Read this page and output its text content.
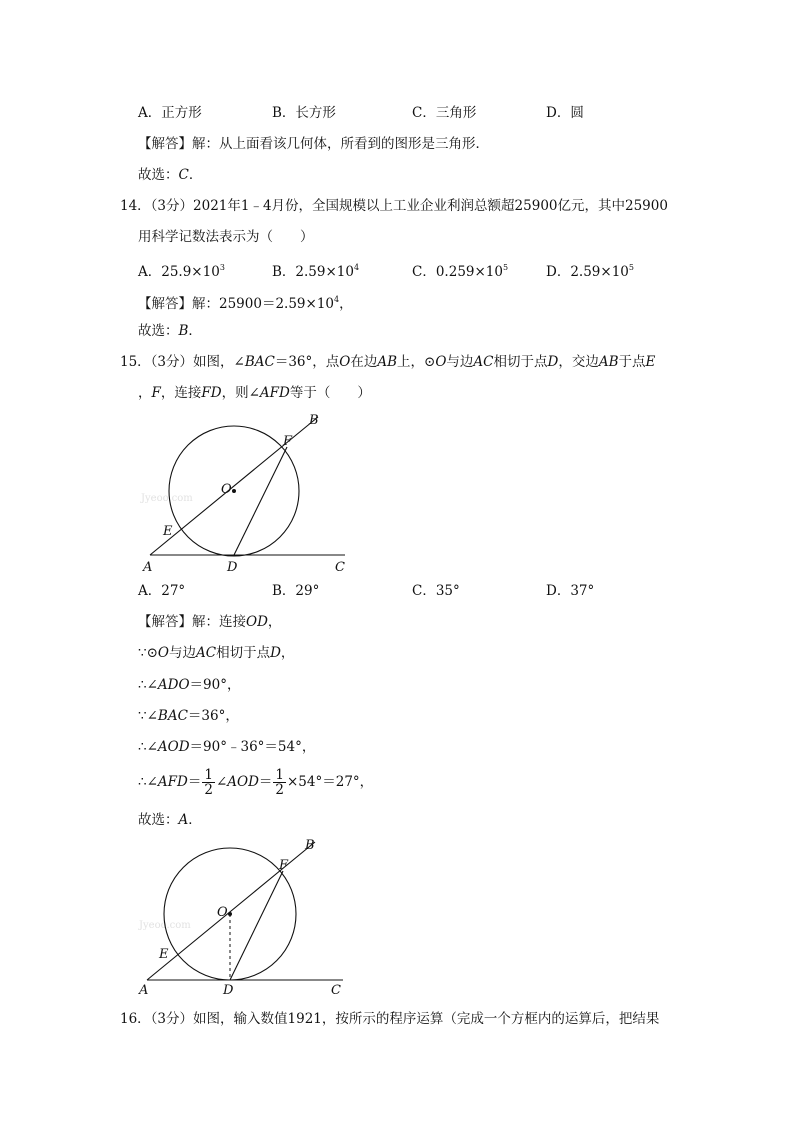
A．正方形	B．长方形	C．三角形	D．圆
【解答】解：从上面看该几何体，所看到的图形是三角形．
故选：C．
14．（3分）2021年1﹣4月份，全国规模以上工业企业利润总额超25900亿元，其中25900
用科学记数法表示为（　　）
A．$25.9\times 10^3$	B．$2.59\times 10^4$	C．$0.259\times 10^5$	D．$2.59\times 10^5$
【解答】解：$25900=2.59\times 10^4$，
故选：B．
15．（3分）如图，∠BAC＝36°，点O在边AB上，⊙O与边AC相切于点D，交边AB于点E
，F，连接FD，则∠AFD等于（　　）
Jyeoo.com
A
B
C
D
E
F
O
A．27°	B．29°	C．35°	D．37°
【解答】解：连接OD，
∵⊙O与边AC相切于点D，
∴∠ADO＝90°，
∵∠BAC＝36°，
∴∠AOD＝90°﹣36°＝54°，
∴∠AFD＝ $\frac{1}{2}$ ∠AOD＝ $\frac{1}{2} \times 54^\circ=27^\circ$，
故选：A．
Jyeoo.com
A
B
C
D
E
F
O
16．（3分）如图，输入数值1921，按所示的程序运算（完成一个方框内的运算后，把结果
